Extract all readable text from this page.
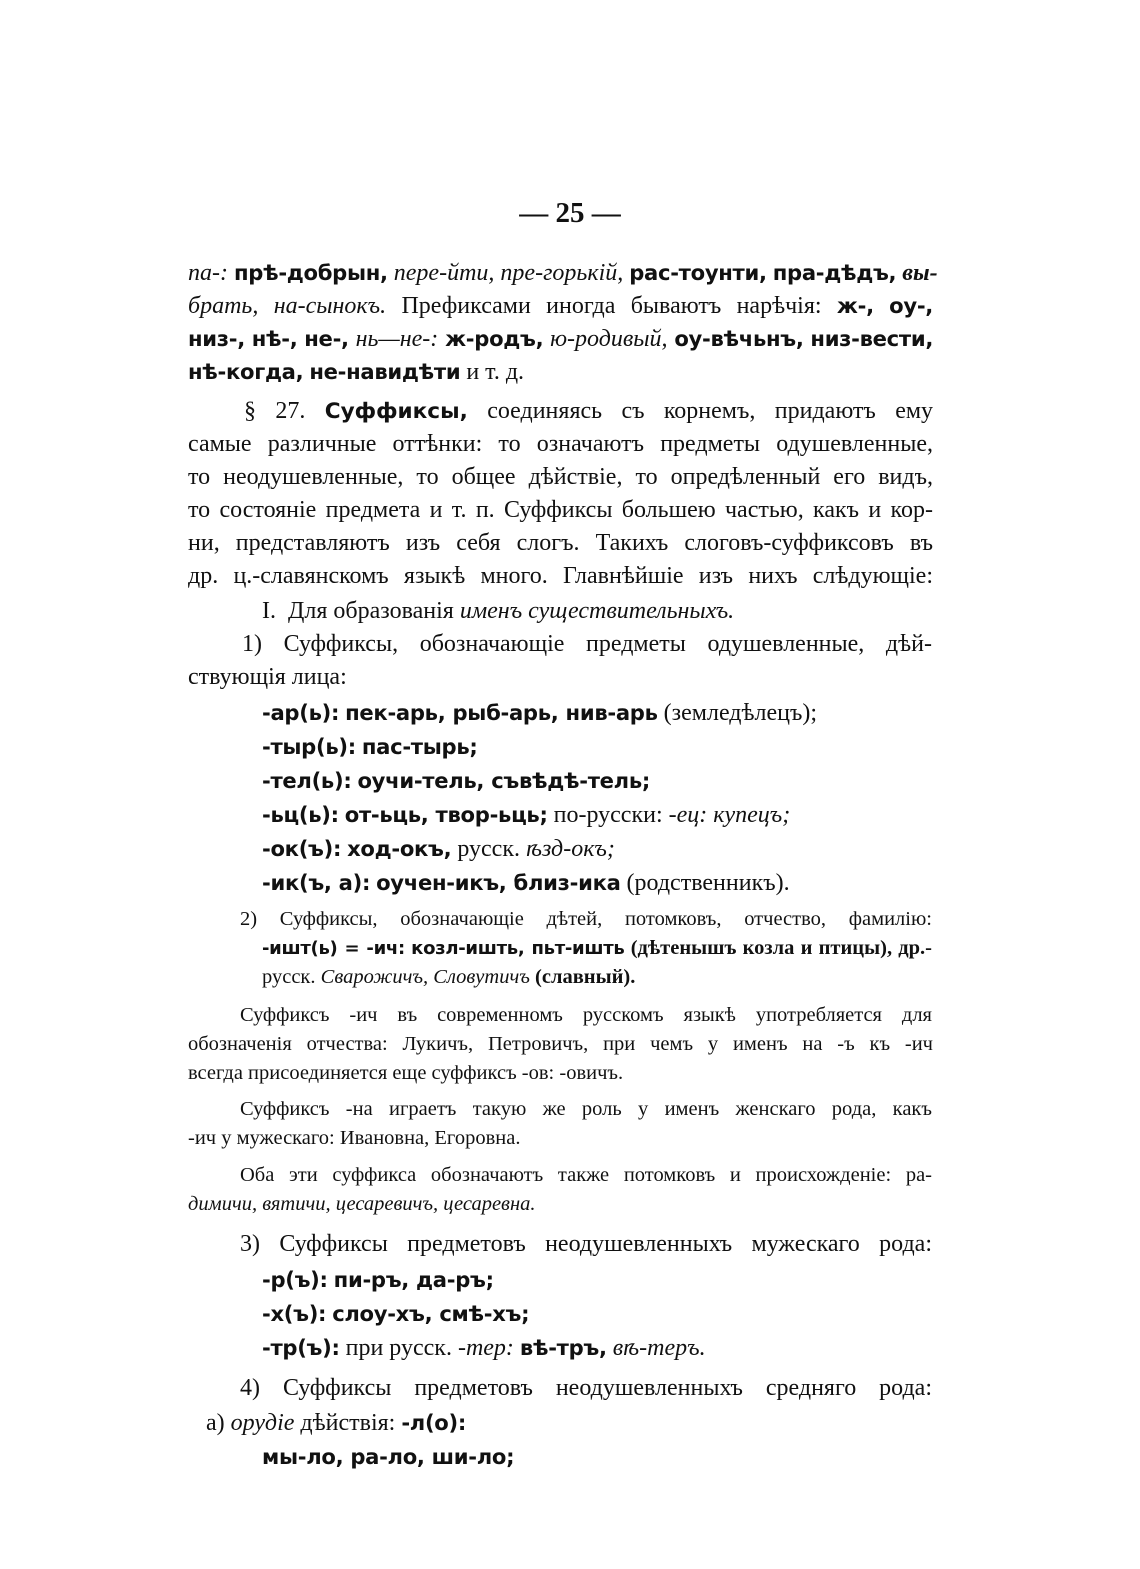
— 25 —
па-: прѣ-добрын, пере-йти, пре-горькій, рас-тоунти, пра-дѣдъ, вы-
брать, на-сынокъ. Префиксами иногда бываютъ нарѣчія: ж-, оу-,
низ-, нѣ-, не-, нь—не-: ж-родъ, ю-родивый, оу-вѣчьнъ, низ-вести,
нѣ-когда, не-навидѣти и т. д.
§ 27. Суффиксы, соединяясь съ корнемъ, придаютъ ему
самые различные оттѣнки: то означаютъ предметы одушевленные,
то неодушевленные, то общее дѣйствіе, то опредѣленный его видъ,
то состояніе предмета и т. п. Суффиксы большею частью, какъ и кор-
ни, представляютъ изъ себя слогъ. Такихъ слоговъ-суффиксовъ въ
др. ц.-славянскомъ языкѣ много. Главнѣйшіе изъ нихъ слѣдующіе:
I. Для образованія именъ существительныхъ.
1) Суффиксы, обозначающіе предметы одушевленные, дѣй-
ствующія лица:
-ар(ь): пек-арь, рыб-арь, нив-арь (земледѣлецъ);
-тыр(ь): пас-тырь;
-тел(ь): оучи-тель, съвѣдѣ-тель;
-ьц(ь): от-ьць, твор-ьць; по-русски: -ец: купецъ;
-ок(ъ): ход-окъ, русск. ѣзд-окъ;
-ик(ъ, а): оучен-икъ, близ-ика (родственникъ).
2) Суффиксы, обозначающіе дѣтей, потомковъ, отчество, фамилію:
-ишт(ь) = -ич: козл-ишть, пьт-ишть (дѣтенышъ козла и птицы), др.-
русск. Сварожичъ, Словутичъ (славный).
Суффиксъ -ич въ современномъ русскомъ языкѣ употребляется для
обозначенія отчества: Лукичъ, Петровичъ, при чемъ у именъ на -ъ къ -ич
всегда присоединяется еще суффиксъ -ов: -овичъ.
Суффиксъ -на играетъ такую же роль у именъ женскаго рода, какъ
-ич у мужескаго: Ивановна, Егоровна.
Оба эти суффикса обозначаютъ также потомковъ и происхожденіе: ра-
димичи, вятичи, цесаревичъ, цесаревна.
3) Суффиксы предметовъ неодушевленныхъ мужескаго рода:
-р(ъ): пи-ръ, да-ръ;
-х(ъ): слоу-хъ, смѣ-хъ;
-тр(ъ): при русск. -тер: вѣ-тръ, вѣ-теръ.
4) Суффиксы предметовъ неодушевленныхъ средняго рода:
а) орудіе дѣйствія: -л(о):
мы-ло, ра-ло, ши-ло;
